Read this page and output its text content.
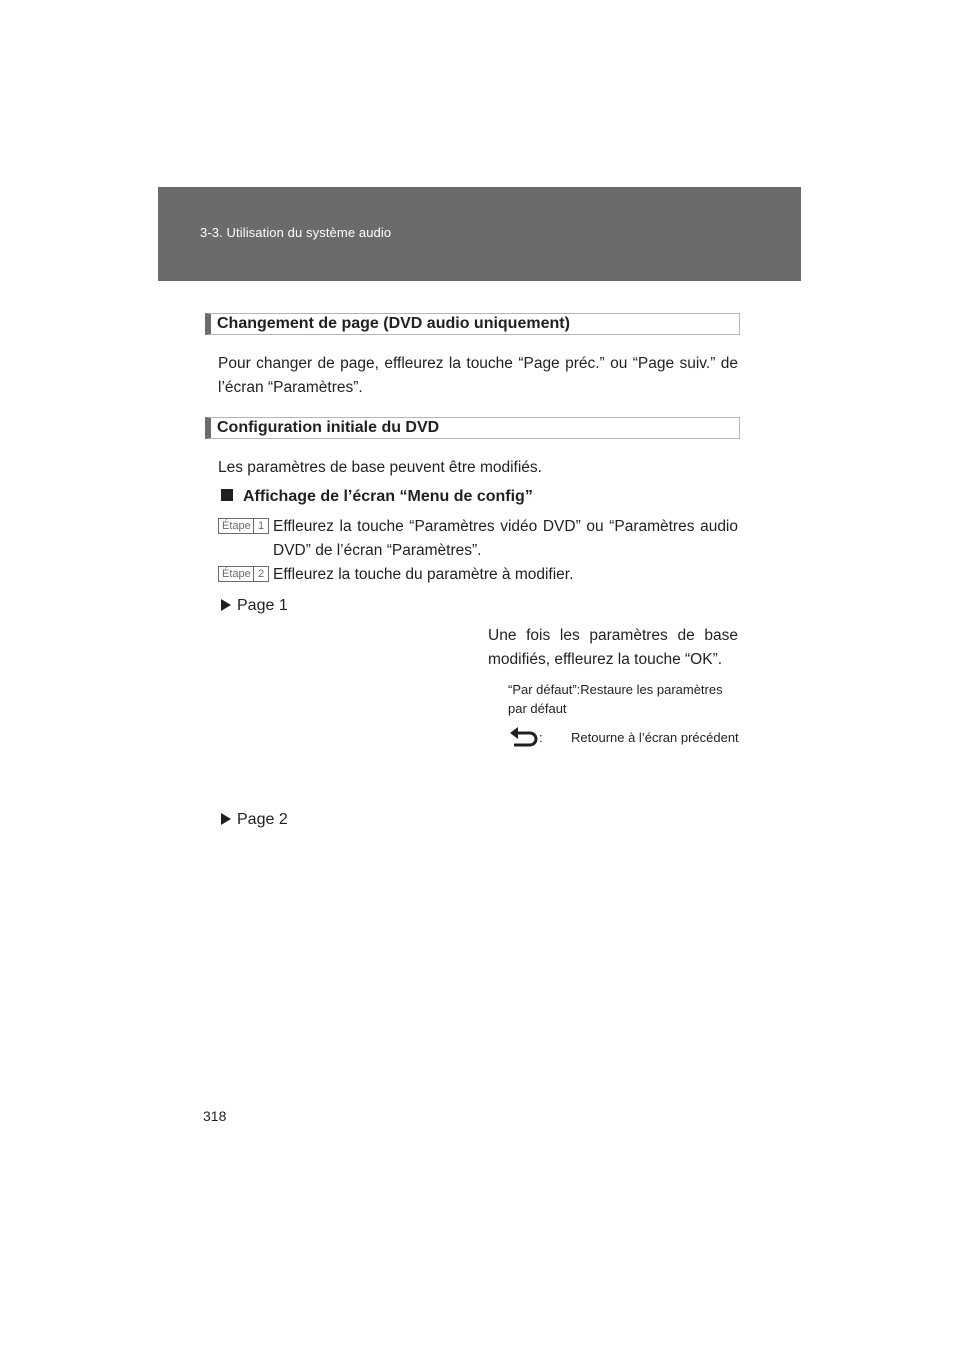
3-3. Utilisation du système audio
Changement de page (DVD audio uniquement)
Pour changer de page, effleurez la touche “Page préc.” ou “Page suiv.” de l’écran “Paramètres”.
Configuration initiale du DVD
Les paramètres de base peuvent être modifiés.
Affichage de l’écran “Menu de config”
Étape 1 Effleurez la touche “Paramètres vidéo DVD” ou “Paramètres audio DVD” de l’écran “Paramètres”.
Étape 2 Effleurez la touche du paramètre à modifier.
Page 1
Une fois les paramètres de base modifiés, effleurez la touche “OK”.
“Par défaut”:Restaure les paramètres par défaut
: Retourne à l’écran précédent
Page 2
318
